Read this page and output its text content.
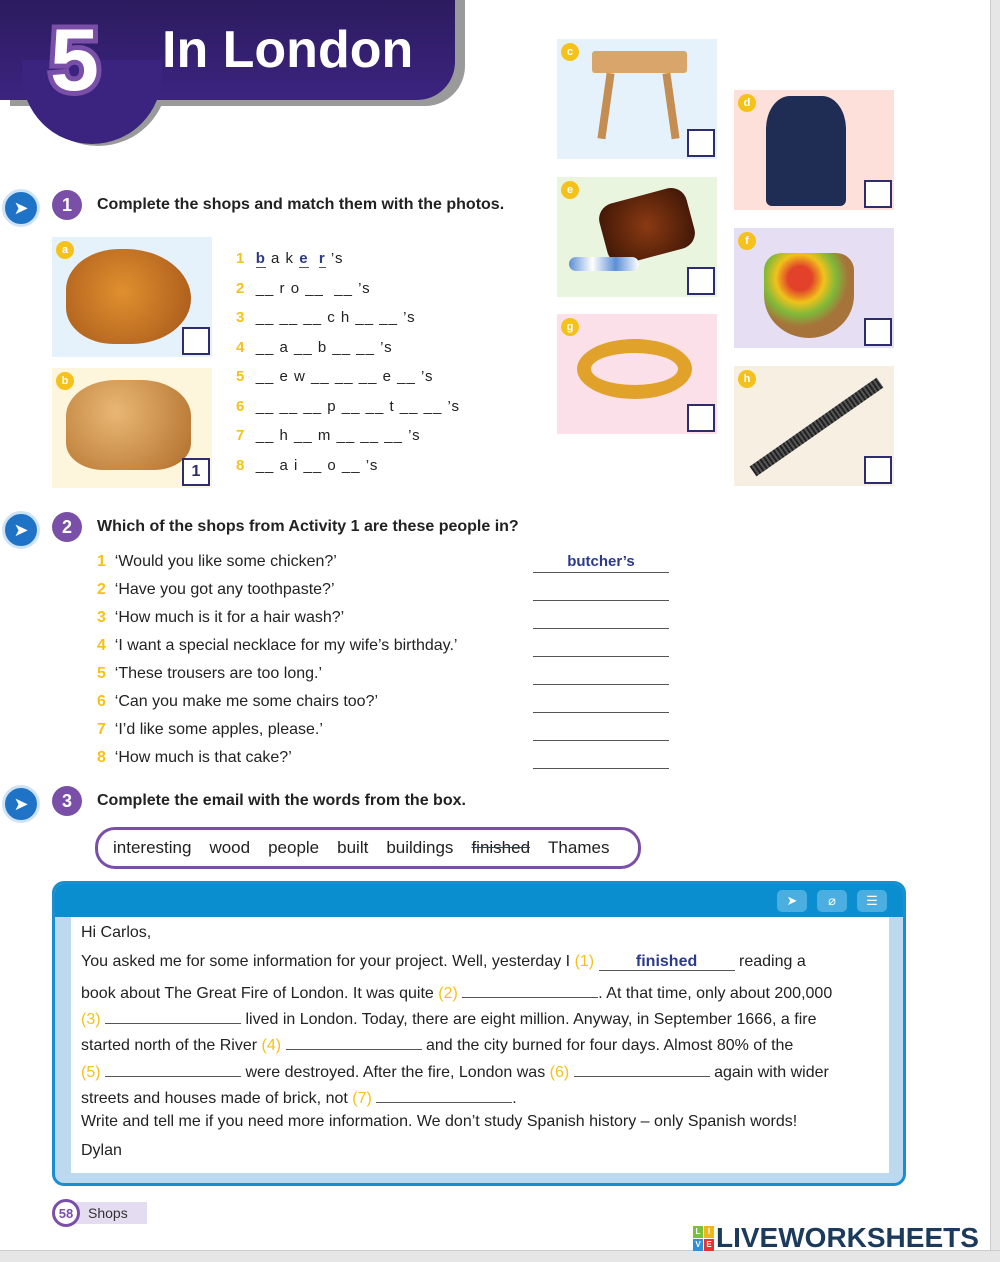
5 In London
➤	1	Complete the shops and match them with the photos.
a
b
1
c
d
e
f
g
h
1 b a k e r ’s
2 __ r o __  __ ’s
3 __ __ __ c h __ __ ’s
4 __ a __ b __ __ ’s
5 __ e w __ __ __ e __ ’s
6 __ __ __ p __ __ t __ __ ’s
7 __ h __ m __ __ __ ’s
8 __ a i __ o __ ’s
➤	2	Which of the shops from Activity 1 are these people in?
1 ‘Would you like some chicken?’	butcher’s
2 ‘Have you got any toothpaste?’
3 ‘How much is it for a hair wash?’
4 ‘I want a special necklace for my wife’s birthday.’
5 ‘These trousers are too long.’
6 ‘Can you make me some chairs too?’
7 ‘I’d like some apples, please.’
8 ‘How much is that cake?’
➤	3	Complete the email with the words from the box.
interesting wood people built buildings finished Thames
➤	⌀	☰
Hi Carlos,
You asked me for some information for your project. Well, yesterday I (1)	finished	reading a
book about The Great Fire of London. It was quite (2)	. At that time, only about 200,000
(3)	lived in London. Today, there are eight million. Anyway, in September 1666, a fire
started north of the River (4)	and the city burned for four days. Almost 80% of the
(5)	were destroyed. After the fire, London was (6)	again with wider
streets and houses made of brick, not (7)	.
Write and tell me if you need more information. We don’t study Spanish history – only Spanish words!
Dylan
Shops
58
L I
V E LIVEWORKSHEETS
